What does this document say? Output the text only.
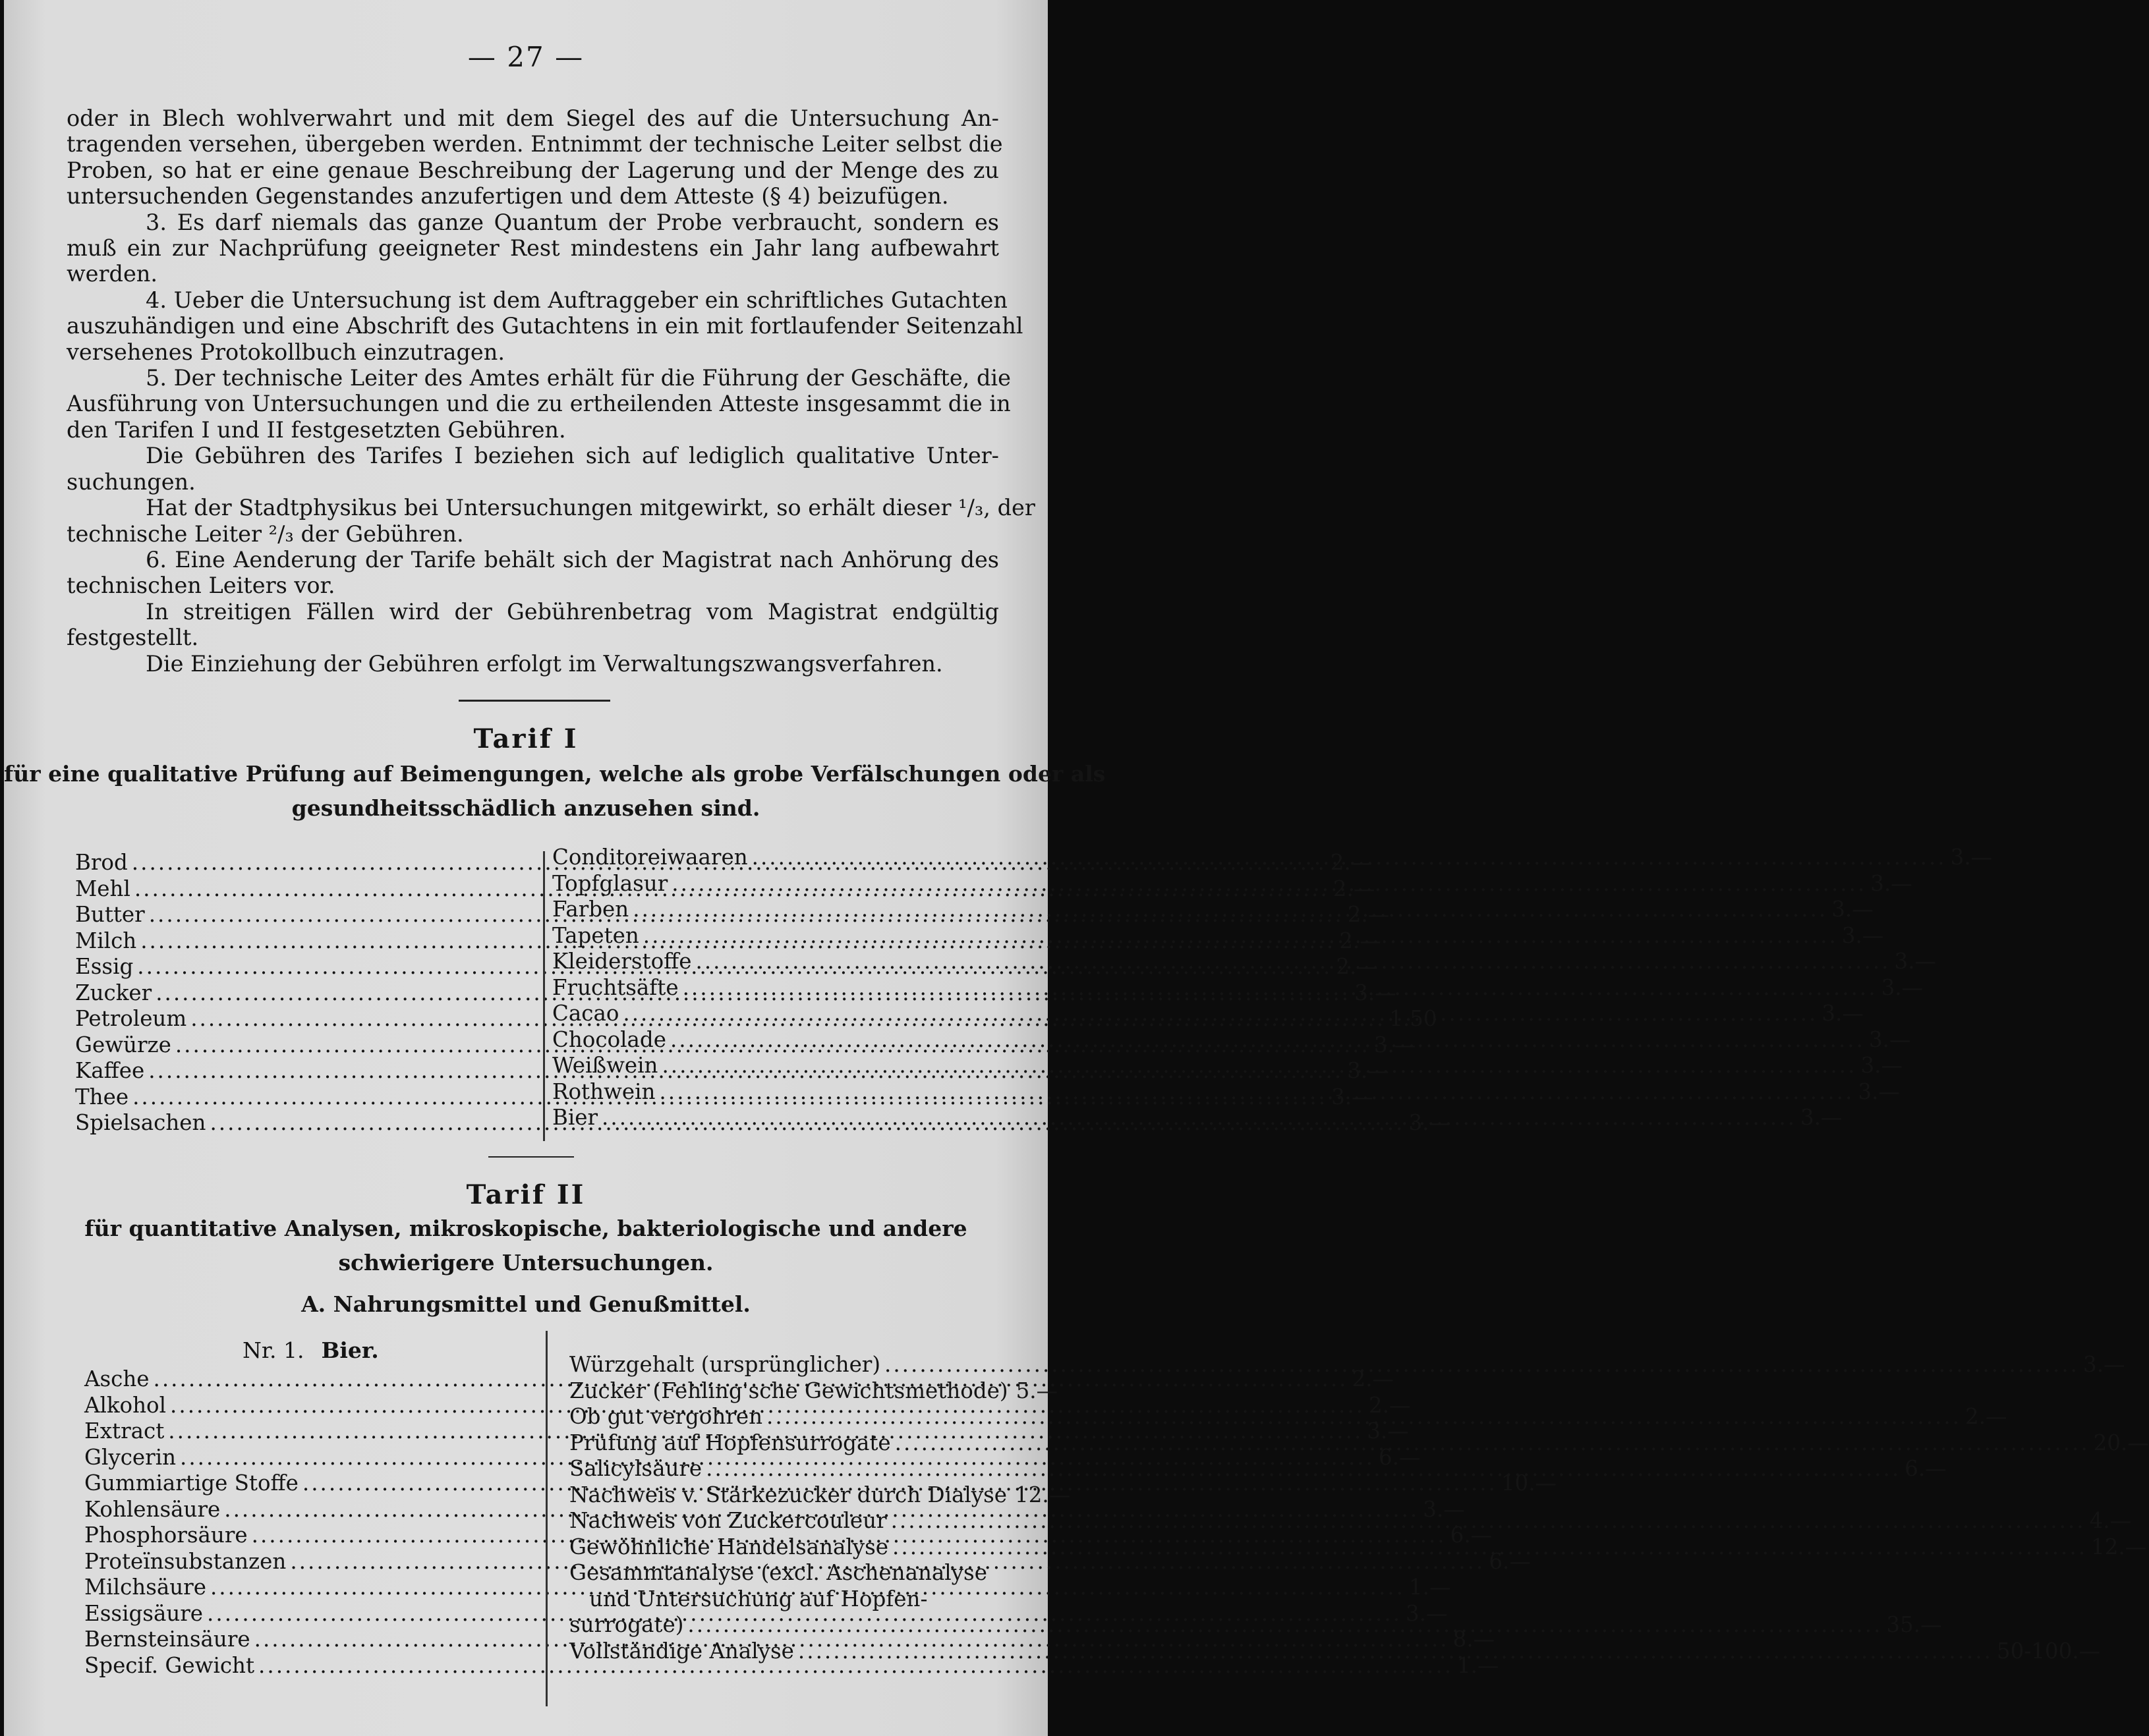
— 27 —
oder in Blech wohlverwahrt und mit dem Siegel des auf die Untersuchung An-
tragenden versehen, übergeben werden. Entnimmt der technische Leiter selbst die
Proben, so hat er eine genaue Beschreibung der Lagerung und der Menge des zu
untersuchenden Gegenstandes anzufertigen und dem Atteste (§ 4) beizufügen.
3. Es darf niemals das ganze Quantum der Probe verbraucht, sondern es
muß ein zur Nachprüfung geeigneter Rest mindestens ein Jahr lang aufbewahrt
werden.
4. Ueber die Untersuchung ist dem Auftraggeber ein schriftliches Gutachten
auszuhändigen und eine Abschrift des Gutachtens in ein mit fortlaufender Seitenzahl
versehenes Protokollbuch einzutragen.
5. Der technische Leiter des Amtes erhält für die Führung der Geschäfte, die
Ausführung von Untersuchungen und die zu ertheilenden Atteste insgesammt die in
den Tarifen I und II festgesetzten Gebühren.
Die Gebühren des Tarifes I beziehen sich auf lediglich qualitative Unter-
suchungen.
Hat der Stadtphysikus bei Untersuchungen mitgewirkt, so erhält dieser ¹/₃, der
technische Leiter ²/₃ der Gebühren.
6. Eine Aenderung der Tarife behält sich der Magistrat nach Anhörung des
technischen Leiters vor.
In streitigen Fällen wird der Gebührenbetrag vom Magistrat endgültig
festgestellt.
Die Einziehung der Gebühren erfolgt im Verwaltungszwangsverfahren.
Tarif I
für eine qualitative Prüfung auf Beimengungen, welche als grobe Verfälschungen oder als
gesundheitsschädlich anzusehen sind.
Brod .....	2.—
Mehl .....	2.—
Butter .....	2.—
Milch .....	2.—
Essig .....	2.—
Zucker .....	3.—
Petroleum .....	1.50
Gewürze .....	3.—
Kaffee .....	3.—
Thee .....	3.—
Spielsachen .....	3.—
Conditoreiwaaren .....	3.—
Topfglasur .....	3.—
Farben .....	3.—
Tapeten .....	3.—
Kleiderstoffe .....	3.—
Fruchtsäfte .....	3.—
Cacao .....	3.—
Chocolade .....	3.—
Weißwein .....	3.—
Rothwein .....	3.—
Bier .....	3.—
Tarif II
für quantitative Analysen, mikroskopische, bakteriologische und andere
schwierigere Untersuchungen.
A. Nahrungsmittel und Genußmittel.
Nr. 1. Bier.
Asche .....	2.—
Alkohol .....	2.—
Extract .....	3.—
Glycerin .....	6.—
Gummiartige Stoffe .....	10.—
Kohlensäure .....	3.—
Phosphorsäure .....	6.—
Proteïnsubstanzen .....	6.—
Milchsäure .....	1.—
Essigsäure .....	3.—
Bernsteinsäure .....	8.—
Specif. Gewicht .....	1.—
Würzgehalt (ursprünglicher) .....	3.—
Zucker (Fehling'sche Gewichtsmethode) 5.—
Ob gut vergohren .....	2.—
Prüfung auf Hopfensurrogate .....	20.—
Salicylsäure .....	6.—
Nachweis v. Stärkezucker durch Dialyse 12.—
Nachweis von Zuckercouleur .....	4.—
Gewöhnliche Handelsanalyse .....	12.—
Gesammtanalyse (excl. Aschenanalyse
und Untersuchung auf Hopfen-
surrogate) .....	35.—
Vollständige Analyse .....	50-100.—
